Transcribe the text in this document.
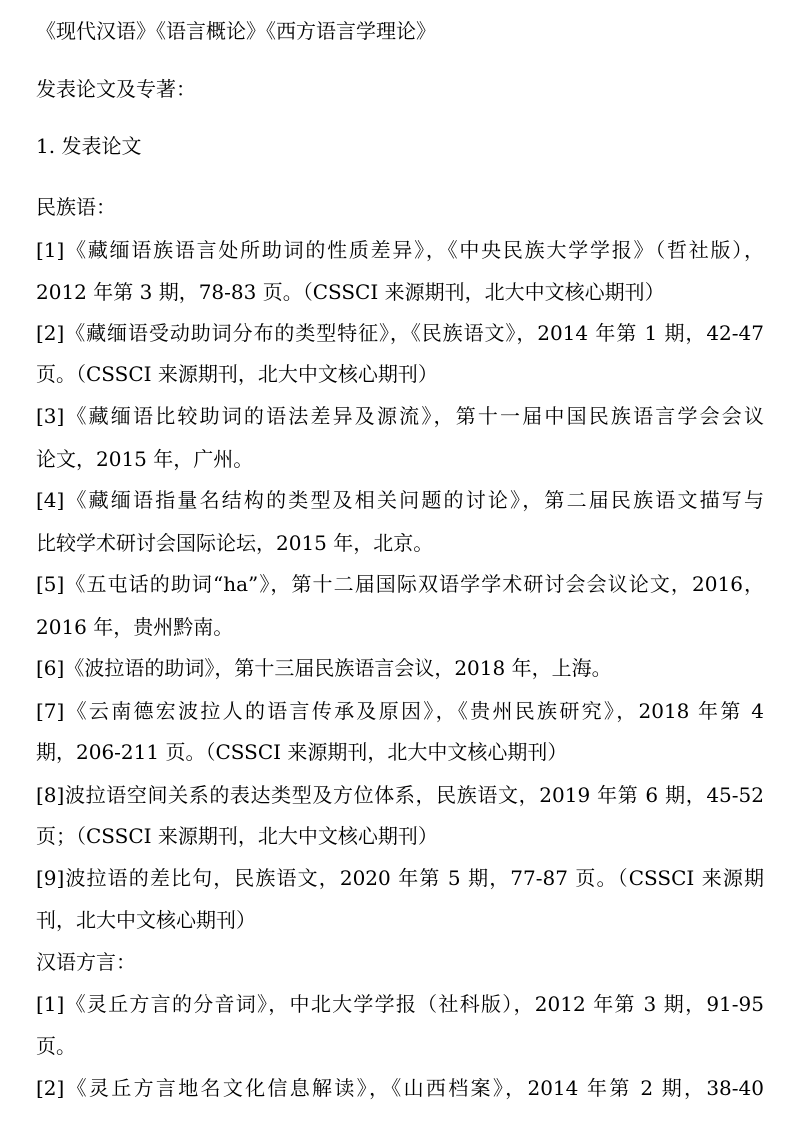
《现代汉语》《语言概论》《西方语言学理论》
发表论文及专著：
1. 发表论文
民族语：
[1]《藏缅语族语言处所助词的性质差异》，《中央民族大学学报》（哲社版），
2012 年第 3 期，78-83 页。（CSSCI 来源期刊，北大中文核心期刊）
[2]《藏缅语受动助词分布的类型特征》，《民族语文》，2014 年第 1 期，42-47
页。（CSSCI 来源期刊，北大中文核心期刊）
[3]《藏缅语比较助词的语法差异及源流》，第十一届中国民族语言学会会议
论文，2015 年，广州。
[4]《藏缅语指量名结构的类型及相关问题的讨论》，第二届民族语文描写与
比较学术研讨会国际论坛，2015 年，北京。
[5]《五屯话的助词“ha”》，第十二届国际双语学学术研讨会会议论文，2016，
2016 年，贵州黔南。
[6]《波拉语的助词》，第十三届民族语言会议，2018 年，上海。
[7]《云南德宏波拉人的语言传承及原因》，《贵州民族研究》，2018 年第 4
期，206-211 页。（CSSCI 来源期刊，北大中文核心期刊）
[8]波拉语空间关系的表达类型及方位体系，民族语文，2019 年第 6 期，45-52
页；（CSSCI 来源期刊，北大中文核心期刊）
[9]波拉语的差比句，民族语文，2020 年第 5 期，77-87 页。（CSSCI 来源期
刊，北大中文核心期刊）
汉语方言：
[1]《灵丘方言的分音词》，中北大学学报（社科版），2012 年第 3 期，91-95
页。
[2]《灵丘方言地名文化信息解读》，《山西档案》，2014 年第 2 期，38-40
